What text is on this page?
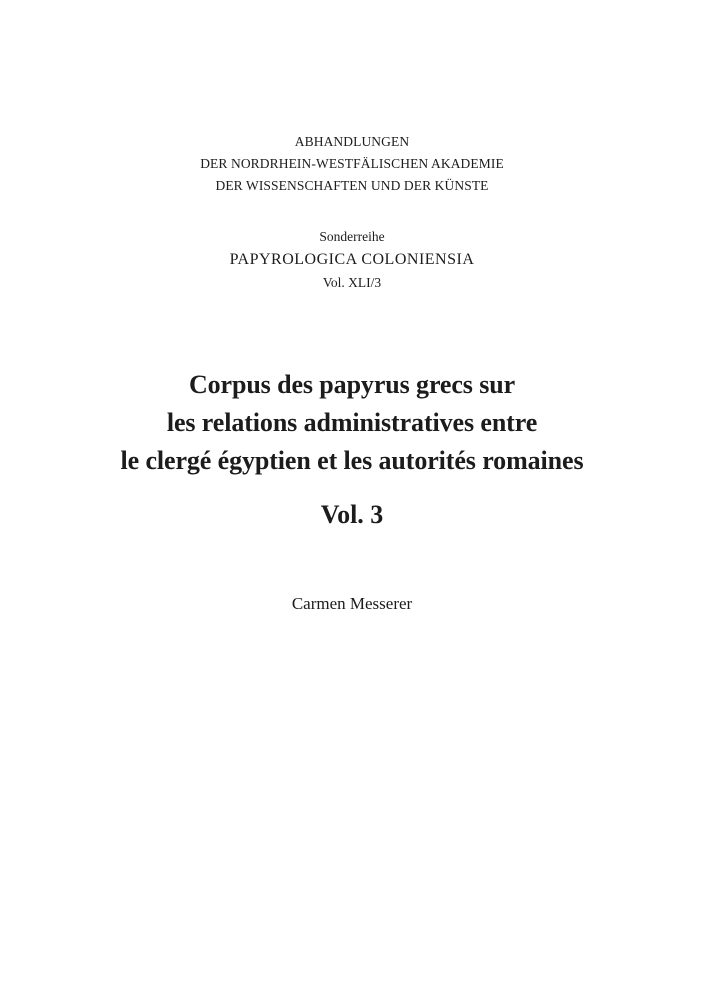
ABHANDLUNGEN
DER NORDRHEIN-WESTFÄLISCHEN AKADEMIE
DER WISSENSCHAFTEN UND DER KÜNSTE
Sonderreihe
PAPYROLOGICA COLONIENSIA
Vol. XLI/3
Corpus des papyrus grecs sur
les relations administratives entre
le clergé égyptien et les autorités romaines
Vol. 3
Carmen Messerer
